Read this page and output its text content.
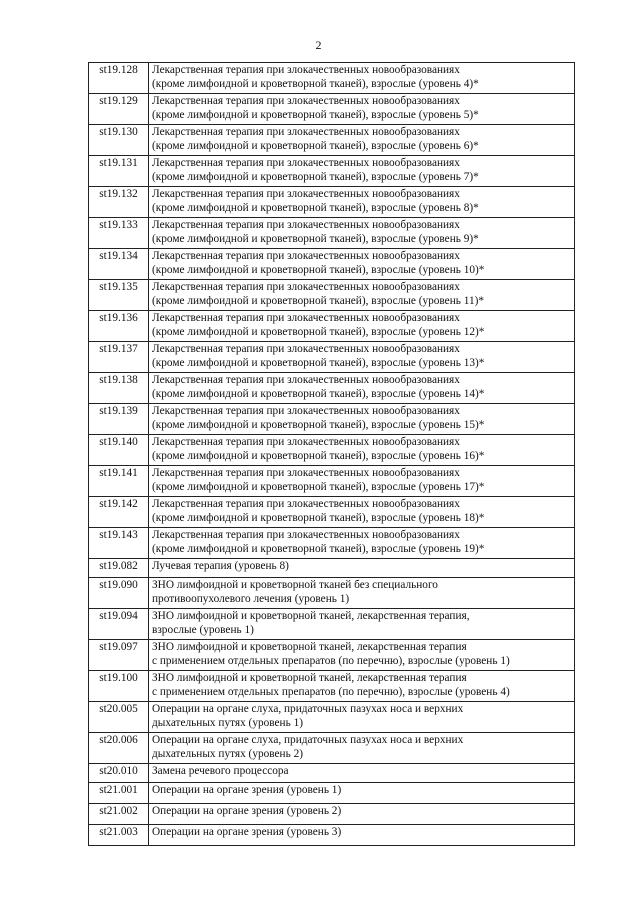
2
st19.128	Лекарственная терапия при злокачественных новообразованиях
(кроме лимфоидной и кроветворной тканей), взрослые (уровень 4)*

st19.129	Лекарственная терапия при злокачественных новообразованиях
(кроме лимфоидной и кроветворной тканей), взрослые (уровень 5)*

st19.130	Лекарственная терапия при злокачественных новообразованиях
(кроме лимфоидной и кроветворной тканей), взрослые (уровень 6)*

st19.131	Лекарственная терапия при злокачественных новообразованиях
(кроме лимфоидной и кроветворной тканей), взрослые (уровень 7)*

st19.132	Лекарственная терапия при злокачественных новообразованиях
(кроме лимфоидной и кроветворной тканей), взрослые (уровень 8)*

st19.133	Лекарственная терапия при злокачественных новообразованиях
(кроме лимфоидной и кроветворной тканей), взрослые (уровень 9)*

st19.134	Лекарственная терапия при злокачественных новообразованиях
(кроме лимфоидной и кроветворной тканей), взрослые (уровень 10)*

st19.135	Лекарственная терапия при злокачественных новообразованиях
(кроме лимфоидной и кроветворной тканей), взрослые (уровень 11)*

st19.136	Лекарственная терапия при злокачественных новообразованиях
(кроме лимфоидной и кроветворной тканей), взрослые (уровень 12)*

st19.137	Лекарственная терапия при злокачественных новообразованиях
(кроме лимфоидной и кроветворной тканей), взрослые (уровень 13)*

st19.138	Лекарственная терапия при злокачественных новообразованиях
(кроме лимфоидной и кроветворной тканей), взрослые (уровень 14)*

st19.139	Лекарственная терапия при злокачественных новообразованиях
(кроме лимфоидной и кроветворной тканей), взрослые (уровень 15)*

st19.140	Лекарственная терапия при злокачественных новообразованиях
(кроме лимфоидной и кроветворной тканей), взрослые (уровень 16)*

st19.141	Лекарственная терапия при злокачественных новообразованиях
(кроме лимфоидной и кроветворной тканей), взрослые (уровень 17)*

st19.142	Лекарственная терапия при злокачественных новообразованиях
(кроме лимфоидной и кроветворной тканей), взрослые (уровень 18)*

st19.143	Лекарственная терапия при злокачественных новообразованиях
(кроме лимфоидной и кроветворной тканей), взрослые (уровень 19)*

st19.082	Лучевая терапия (уровень 8)

st19.090	ЗНО лимфоидной и кроветворной тканей без специального
противоопухолевого лечения (уровень 1)

st19.094	ЗНО лимфоидной и кроветворной тканей, лекарственная терапия,
взрослые (уровень 1)

st19.097	ЗНО лимфоидной и кроветворной тканей, лекарственная терапия
с применением отдельных препаратов (по перечню), взрослые (уровень 1)

st19.100	ЗНО лимфоидной и кроветворной тканей, лекарственная терапия
с применением отдельных препаратов (по перечню), взрослые (уровень 4)

st20.005	Операции на органе слуха, придаточных пазухах носа и верхних
дыхательных путях (уровень 1)

st20.006	Операции на органе слуха, придаточных пазухах носа и верхних
дыхательных путях (уровень 2)

st20.010	Замена речевого процессора

st21.001	Операции на органе зрения (уровень 1)

st21.002	Операции на органе зрения (уровень 2)

st21.003	Операции на органе зрения (уровень 3)
